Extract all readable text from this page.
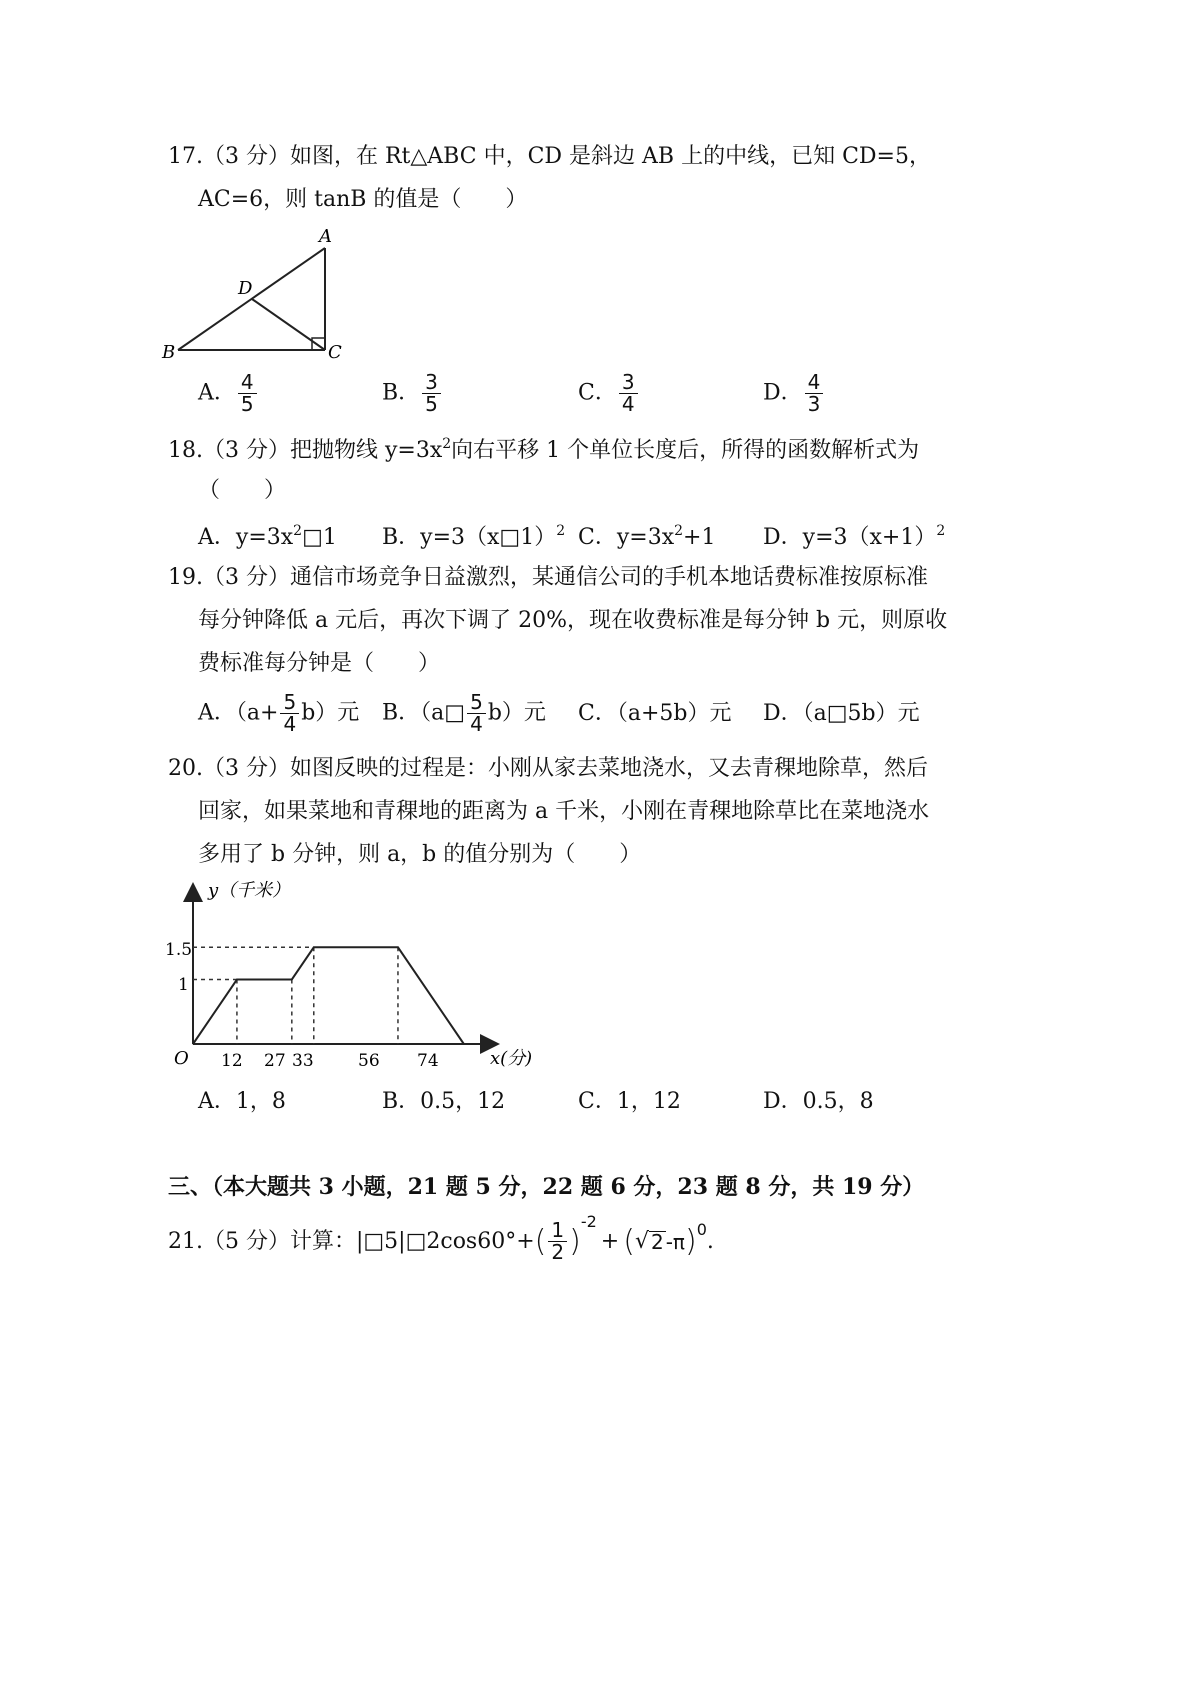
17.（3 分）如图，在 Rt△ABC 中，CD 是斜边 AB 上的中线，已知 CD=5，
AC=6，则 tanB 的值是（　　）
A
B	C
D
A． $\frac{4}{5}$	B． $\frac{3}{5}$	C． $\frac{3}{4}$	D． $\frac{4}{3}$
18.（3 分）把抛物线 $y=3x^2$向右平移 1 个单位长度后，所得的函数解析式为
（　　）
A．$y=3x^2□1$ B．y=3（x□1）$^2$ C．$y=3x^2+1$ D．$y=3(x+1)^2$
19.（3 分）通信市场竞争日益激烈，某通信公司的手机本地话费标准按原标准
每分钟降低 a 元后，再次下调了 20%，现在收费标准是每分钟 b 元，则原收
费标准每分钟是（　　）
A．$(a+ \frac{5}{4} b)$元 B．（a□ $\frac{5}{4} b$）元 C．（a+5b）元 D．（a□5b）元
20.（3 分）如图反映的过程是：小刚从家去菜地浇水，又去青稞地除草，然后
回家，如果菜地和青稞地的距离为 a 千米，小刚在青稞地除草比在菜地浇水
多用了 b 分钟，则 a，b 的值分别为（　　）
y（千米）
x(分)
O
1.5
1
12 27 33	56 74
A．1，8	B．0.5，12	C．1，12	D．0.5，8
三、（本大题共 3 小题，21 题 5 分，22 题 6 分，23 题 8 分，共 19 分）
21.（5 分）计算：|□5|□2cos60°+ ( $\frac{1}{2}$ )
-2
+ ( √ 2 -π ) 0 .
